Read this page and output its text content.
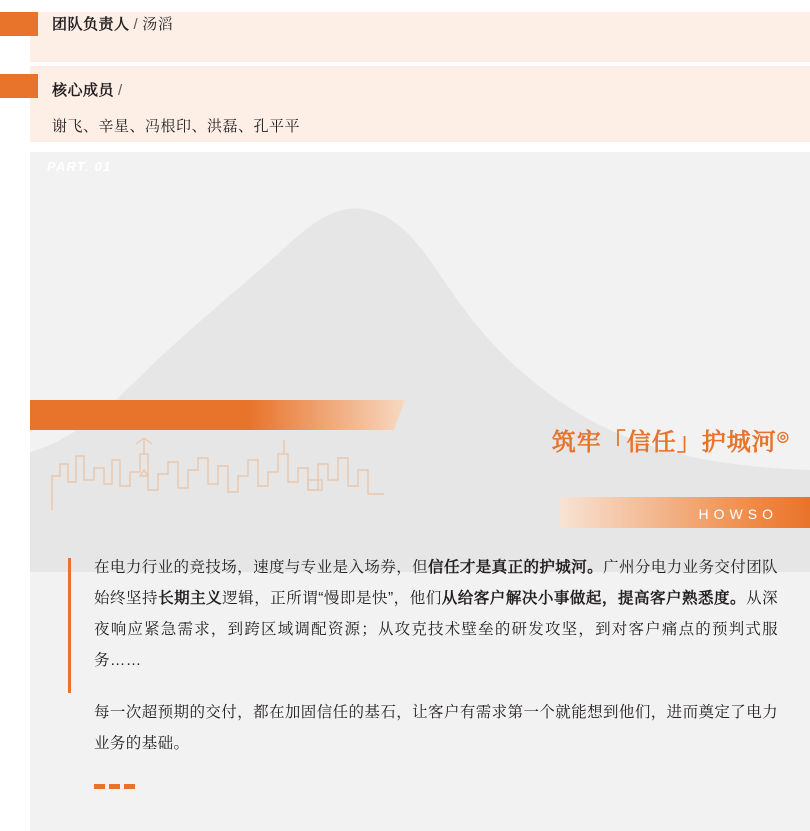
团队负责人 / 汤滔
核心成员 /
谢飞、辛星、冯根印、洪磊、孔平平
PART. 01
筑牢「信任」护城河◎
HOWSO

在电力行业的竞技场，速度与专业是入场券，但信任才是真正的护城河。广州分电力业务交付团队始终坚持长期主义逻辑，正所谓“慢即是快”，他们从给客户解决小事做起，提高客户熟悉度。从深夜响应紧急需求，到跨区域调配资源；从攻克技术壁垒的研发攻坚，到对客户痛点的预判式服务……

每一次超预期的交付，都在加固信任的基石，让客户有需求第一个就能想到他们，进而奠定了电力业务的基础。
